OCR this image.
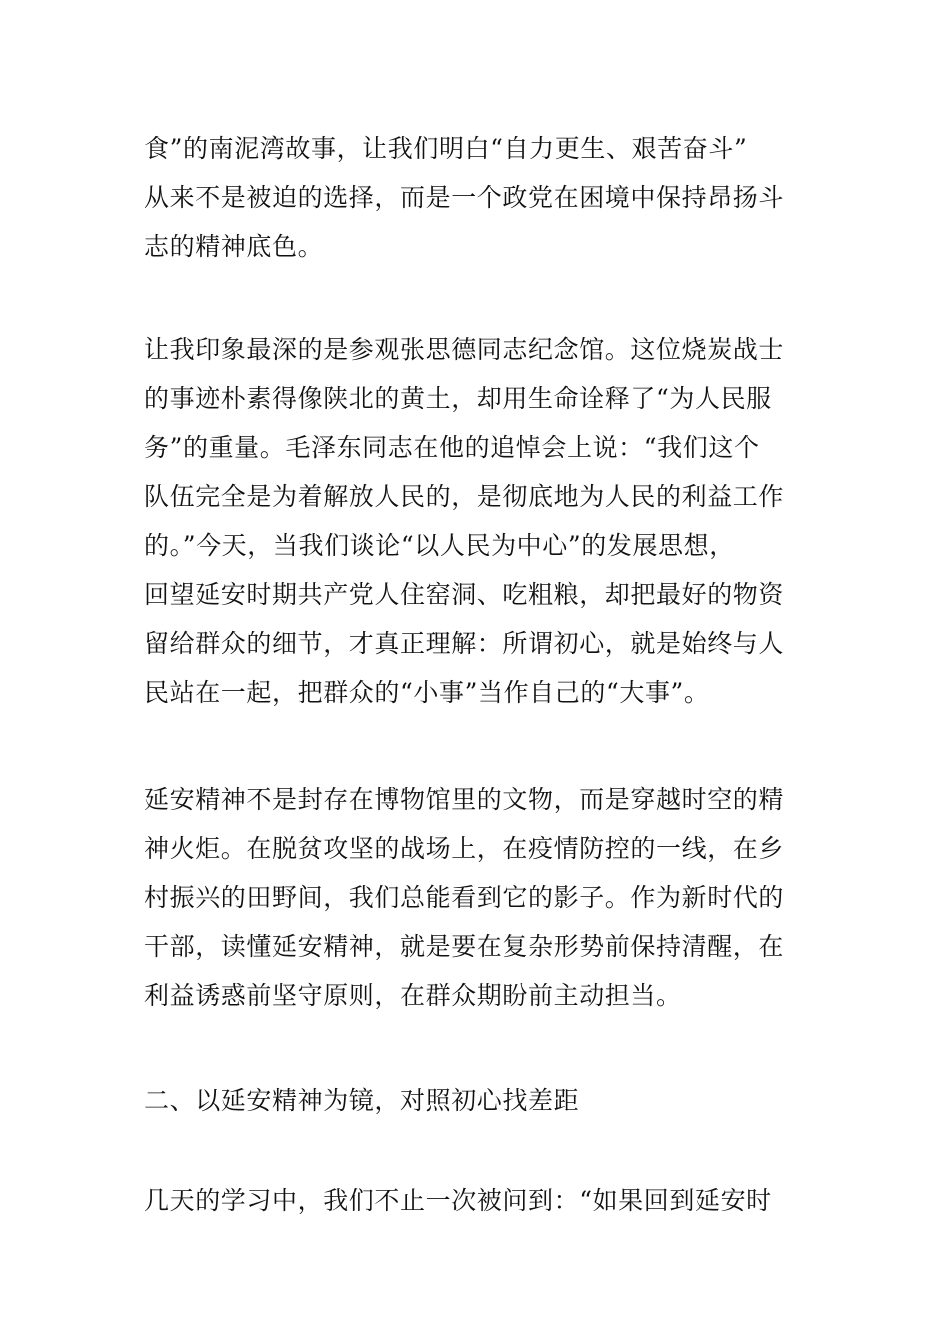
食”的南泥湾故事，让我们明白“自力更生、艰苦奋斗”
从来不是被迫的选择，而是一个政党在困境中保持昂扬斗
志的精神底色。
让我印象最深的是参观张思德同志纪念馆。这位烧炭战士
的事迹朴素得像陕北的黄土，却用生命诠释了“为人民服
务”的重量。毛泽东同志在他的追悼会上说：“我们这个
队伍完全是为着解放人民的，是彻底地为人民的利益工作
的。”今天，当我们谈论“以人民为中心”的发展思想，
回望延安时期共产党人住窑洞、吃粗粮，却把最好的物资
留给群众的细节，才真正理解：所谓初心，就是始终与人
民站在一起，把群众的“小事”当作自己的“大事”。
延安精神不是封存在博物馆里的文物，而是穿越时空的精
神火炬。在脱贫攻坚的战场上，在疫情防控的一线，在乡
村振兴的田野间，我们总能看到它的影子。作为新时代的
干部，读懂延安精神，就是要在复杂形势前保持清醒，在
利益诱惑前坚守原则，在群众期盼前主动担当。
二、以延安精神为镜，对照初心找差距
几天的学习中，我们不止一次被问到：“如果回到延安时
